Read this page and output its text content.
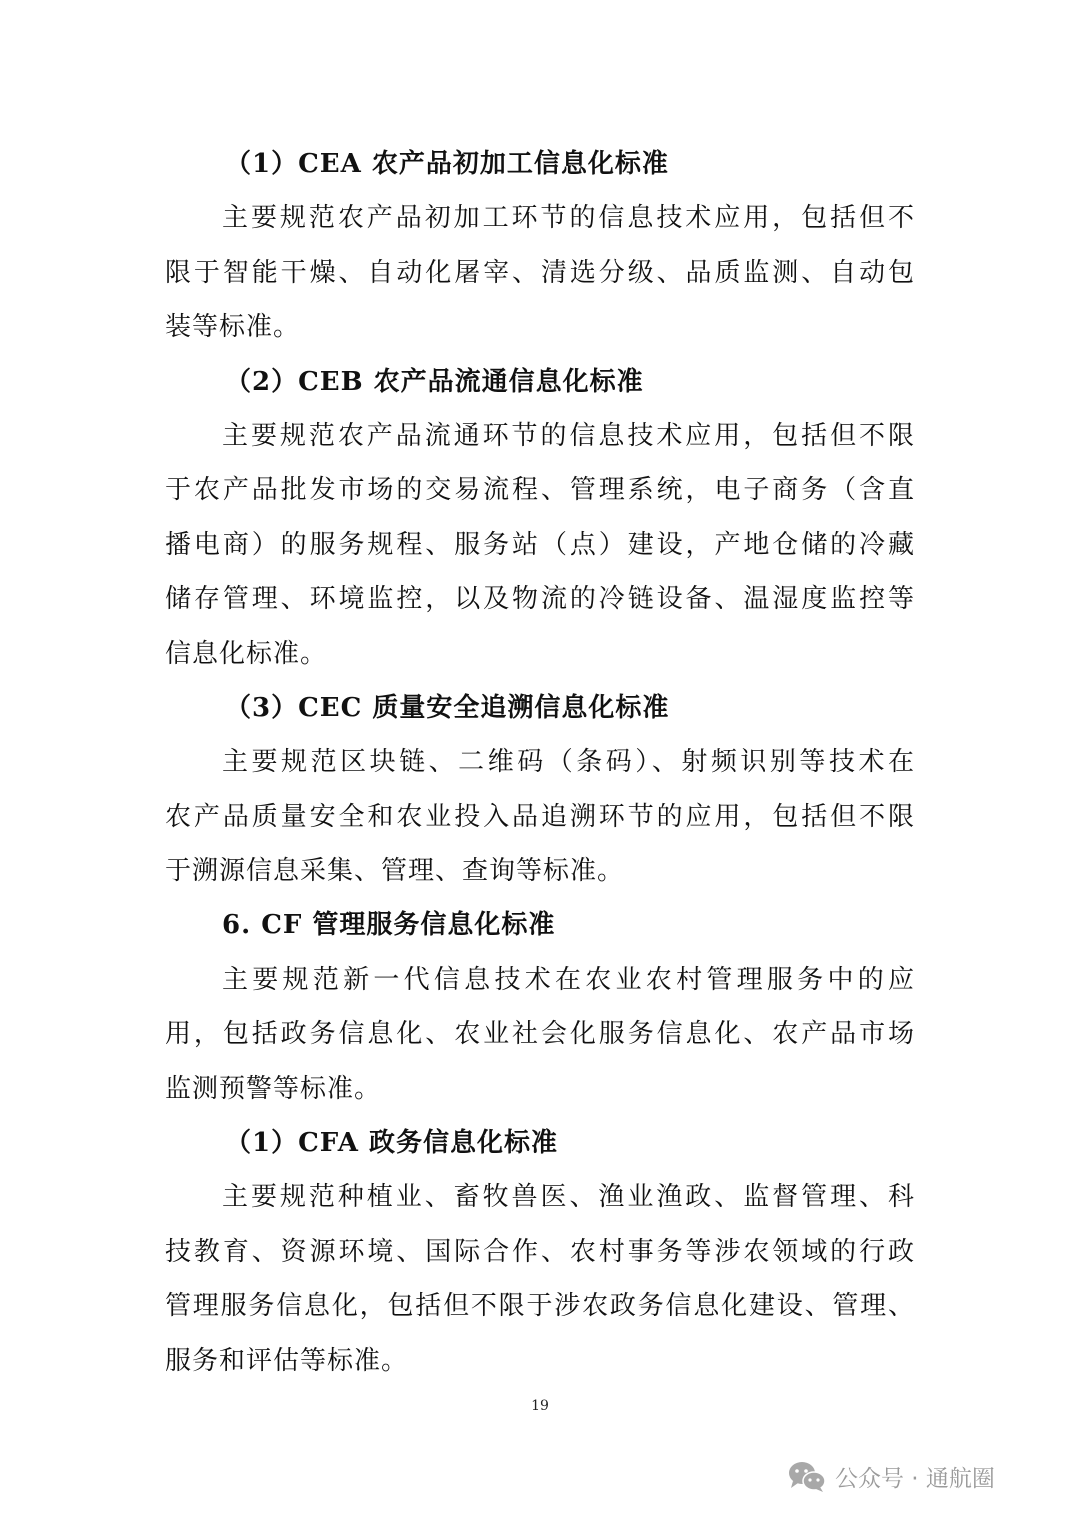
（1）CEA 农产品初加工信息化标准
主要规范农产品初加工环节的信息技术应用，包括但不
限于智能干燥、自动化屠宰、清选分级、品质监测、自动包
装等标准。
（2）CEB 农产品流通信息化标准
主要规范农产品流通环节的信息技术应用，包括但不限
于农产品批发市场的交易流程、管理系统，电子商务（含直
播电商）的服务规程、服务站（点）建设，产地仓储的冷藏
储存管理、环境监控，以及物流的冷链设备、温湿度监控等
信息化标准。
（3）CEC 质量安全追溯信息化标准
主要规范区块链、二维码（条码）、射频识别等技术在
农产品质量安全和农业投入品追溯环节的应用，包括但不限
于溯源信息采集、管理、查询等标准。
6. CF 管理服务信息化标准
主要规范新一代信息技术在农业农村管理服务中的应
用，包括政务信息化、农业社会化服务信息化、农产品市场
监测预警等标准。
（1）CFA 政务信息化标准
主要规范种植业、畜牧兽医、渔业渔政、监督管理、科
技教育、资源环境、国际合作、农村事务等涉农领域的行政
管理服务信息化，包括但不限于涉农政务信息化建设、管理、
服务和评估等标准。
19
公众号 · 通航圈
